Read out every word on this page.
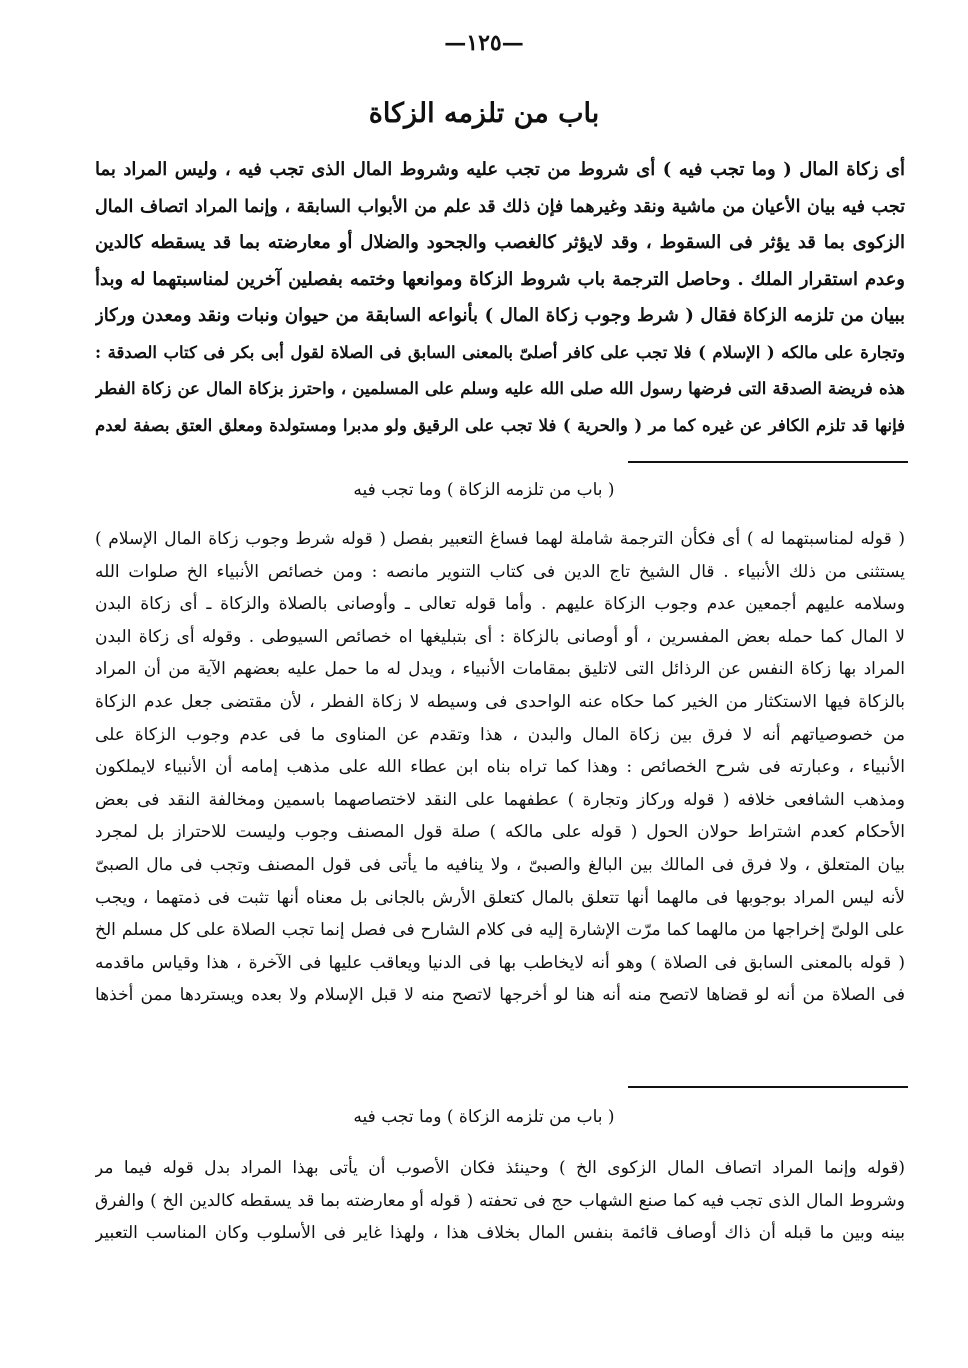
—١٢٥—
باب من تلزمه الزكاة
أى زكاة المال ( وما تجب فيه ) أى شروط من تجب عليه وشروط المال الذى تجب فيه ، وليس المراد بما
تجب فيه بيان الأعيان من ماشية ونقد وغيرهما فإن ذلك قد علم من الأبواب السابقة ، وإنما المراد اتصاف المال
الزكوى بما قد يؤثر فى السقوط ، وقد لايؤثر كالغصب والجحود والضلال أو معارضته بما قد يسقطه كالدين
وعدم استقرار الملك . وحاصل الترجمة باب شروط الزكاة وموانعها وختمه بفصلين آخرين لمناسبتهما له وبدأ
ببيان من تلزمه الزكاة فقال ( شرط وجوب زكاة المال ) بأنواعه السابقة من حيوان ونبات ونقد ومعدن وركاز
وتجارة على مالكه ( الإسلام ) فلا تجب على كافر أصلىّ بالمعنى السابق فى الصلاة لقول أبى بكر فى كتاب الصدقة :
هذه فريضة الصدقة التى فرضها رسول الله صلى الله عليه وسلم على المسلمين ، واحترز بزكاة المال عن زكاة الفطر
فإنها قد تلزم الكافر عن غيره كما مر ( والحرية ) فلا تجب على الرقيق ولو مدبرا ومستولدة ومعلق العتق بصفة لعدم
( باب من تلزمه الزكاة ) وما تجب فيه
( قوله لمناسبتهما له ) أى فكأن الترجمة شاملة لهما فساغ التعبير بفصل ( قوله شرط وجوب زكاة المال الإسلام )
يستثنى من ذلك الأنبياء . قال الشيخ تاج الدين فى كتاب التنوير مانصه : ومن خصائص الأنبياء الخ صلوات الله
وسلامه عليهم أجمعين عدم وجوب الزكاة عليهم . وأما قوله تعالى ـ وأوصانى بالصلاة والزكاة ـ أى زكاة البدن
لا المال كما حمله بعض المفسرين ، أو أوصانى بالزكاة : أى بتبليغها اه خصائص السيوطى . وقوله أى زكاة البدن
المراد بها زكاة النفس عن الرذائل التى لاتليق بمقامات الأنبياء ، ويدل له ما حمل عليه بعضهم الآية من أن المراد
بالزكاة فيها الاستكثار من الخير كما حكاه عنه الواحدى فى وسيطه لا زكاة الفطر ، لأن مقتضى جعل عدم الزكاة
من خصوصياتهم أنه لا فرق بين زكاة المال والبدن ، هذا وتقدم عن المناوى ما فى عدم وجوب الزكاة على
الأنبياء ، وعبارته فى شرح الخصائص : وهذا كما تراه بناه ابن عطاء الله على مذهب إمامه أن الأنبياء لايملكون
ومذهب الشافعى خلافه ( قوله وركاز وتجارة ) عطفهما على النقد لاختصاصهما باسمين ومخالفة النقد فى بعض
الأحكام كعدم اشتراط حولان الحول ( قوله على مالكه ) صلة قول المصنف وجوب وليست للاحتراز بل لمجرد
بيان المتعلق ، ولا فرق فى المالك بين البالغ والصبىّ ، ولا ينافيه ما يأتى فى قول المصنف وتجب فى مال الصبىّ
لأنه ليس المراد بوجوبها فى مالهما أنها تتعلق بالمال كتعلق الأرش بالجانى بل معناه أنها تثبت فى ذمتهما ، ويجب
على الولىّ إخراجها من مالهما كما مرّت الإشارة إليه فى كلام الشارح فى فصل إنما تجب الصلاة على كل مسلم الخ
( قوله بالمعنى السابق فى الصلاة ) وهو أنه لايخاطب بها فى الدنيا ويعاقب عليها فى الآخرة ، هذا وقياس ماقدمه
فى الصلاة من أنه لو قضاها لاتصح منه أنه هنا لو أخرجها لاتصح منه لا قبل الإسلام ولا بعده ويستردها ممن أخذها
( باب من تلزمه الزكاة ) وما تجب فيه
(قوله وإنما المراد اتصاف المال الزكوى الخ ) وحينئذ فكان الأصوب أن يأتى بهذا المراد بدل قوله فيما مر
وشروط المال الذى تجب فيه كما صنع الشهاب حج فى تحفته ( قوله أو معارضته بما قد يسقطه كالدين الخ ) والفرق
بينه وبين ما قبله أن ذاك أوصاف قائمة بنفس المال بخلاف هذا ، ولهذا غاير فى الأسلوب وكان المناسب التعبير
